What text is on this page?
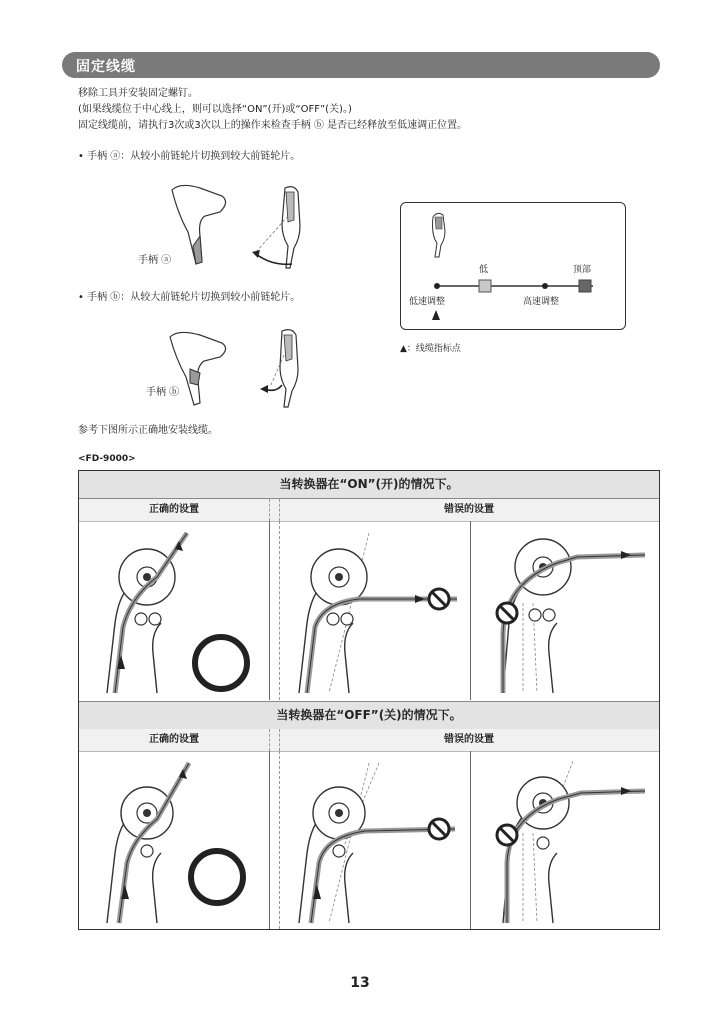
固定线缆
移除工具并安装固定螺钉。
(如果线缆位于中心线上，则可以选择“ON”(开)或“OFF”(关)。)
固定线缆前，请执行3次或3次以上的操作来检查手柄 ⓑ 是否已经释放至低速调正位置。
• 手柄 ⓐ：从较小前链轮片切换到较大前链轮片。
手柄 ⓐ
• 手柄 ⓑ：从较大前链轮片切换到较小前链轮片。
手柄 ⓑ
低	顶部
低速调整	高速调整
▲：线缆指标点
参考下图所示正确地安装线缆。
<FD-9000>
当转换器在“ON”(开)的情况下。
正确的设置	错误的设置
当转换器在“OFF”(关)的情况下。
正确的设置	错误的设置
13
